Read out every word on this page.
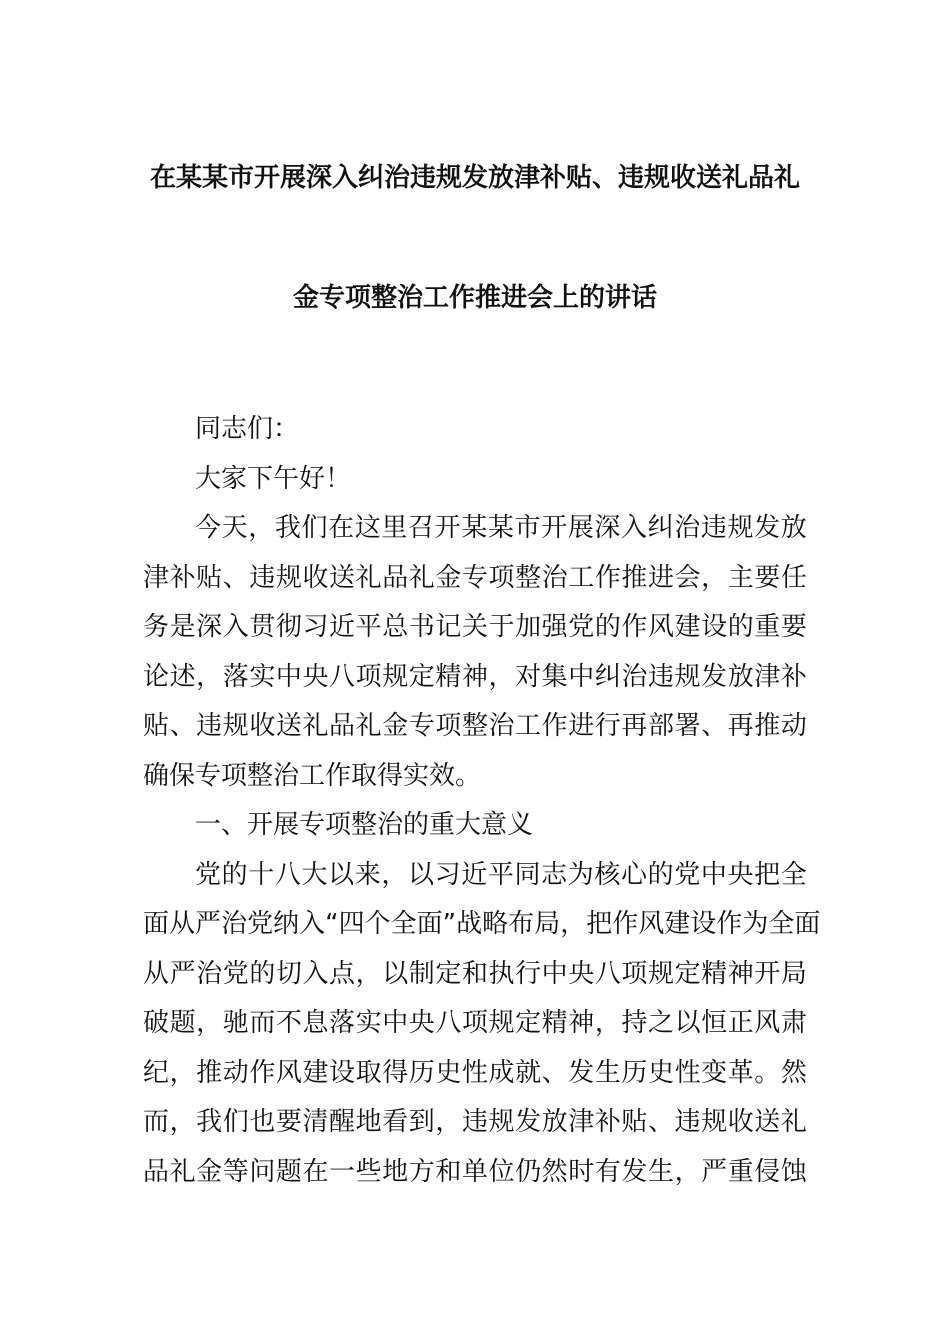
在某某市开展深入纠治违规发放津补贴、违规收送礼品礼
金专项整治工作推进会上的讲话
同志们：
大家下午好！
今 天 ， 我 们 在 这 里 召 开 某 某 市 开 展 深 入 纠 治 违 规 发 放
津 补 贴 、 违 规 收 送 礼 品 礼 金 专 项 整 治 工 作 推 进 会 ， 主 要 任
务 是 深 入 贯 彻 习 近 平 总 书 记 关 于 加 强 党 的 作 风 建 设 的 重 要
论 述 ， 落 实 中 央 八 项 规 定 精 神 ， 对 集 中 纠 治 违 规 发 放 津 补
贴 、 违 规 收 送 礼 品 礼 金 专 项 整 治 工 作 进 行 再 部 署 、 再 推 动
确保专项整治工作取得实效。
一、开展专项整治的重大意义
党 的 十 八 大 以 来 ， 以 习 近 平 同 志 为 核 心 的 党 中 央 把 全
面 从 严 治 党 纳 入 “ 四 个 全 面 ” 战 略 布 局 ， 把 作 风 建 设 作 为 全 面
从 严 治 党 的 切 入 点 ， 以 制 定 和 执 行 中 央 八 项 规 定 精 神 开 局
破 题 ， 驰 而 不 息 落 实 中 央 八 项 规 定 精 神 ， 持 之 以 恒 正 风 肃
纪 ， 推 动 作 风 建 设 取 得 历 史 性 成 就 、 发 生 历 史 性 变 革 。 然
而 ， 我 们 也 要 清 醒 地 看 到 ， 违 规 发 放 津 补 贴 、 违 规 收 送 礼
品 礼 金 等 问 题 在 一 些 地 方 和 单 位 仍 然 时 有 发 生 ， 严 重 侵 蚀
